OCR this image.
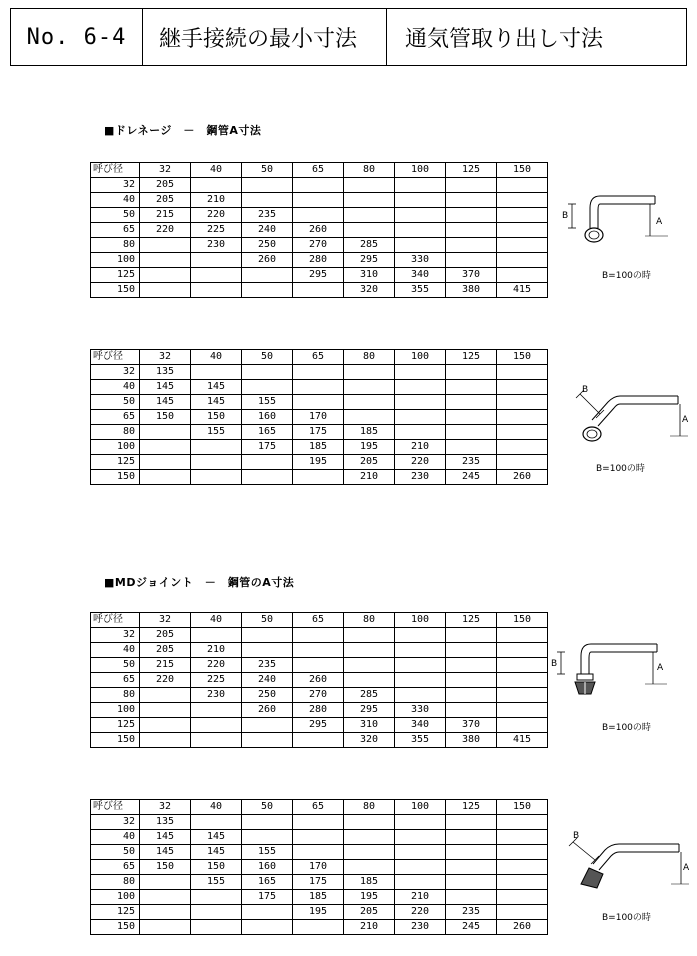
No. 6-4	継手接続の最小寸法	通気管取り出し寸法
■ドレネージ　－　鋼管A寸法
■MDジョイント　－　鋼管のA寸法
呼び径	32	40	50	65	80	100	125	150
32	205							
40	205	210						
50	215	220	235					
65	220	225	240	260				
80		230	250	270	285			
100			260	280	295	330		
125				295	310	340	370	
150					320	355	380	415
呼び径	32	40	50	65	80	100	125	150
32	135							
40	145	145						
50	145	145	155					
65	150	150	160	170				
80		155	165	175	185			
100			175	185	195	210		
125				195	205	220	235	
150					210	230	245	260
呼び径	32	40	50	65	80	100	125	150
32	205							
40	205	210						
50	215	220	235					
65	220	225	240	260				
80		230	250	270	285			
100			260	280	295	330		
125				295	310	340	370	
150					320	355	380	415
呼び径	32	40	50	65	80	100	125	150
32	135							
40	145	145						
50	145	145	155					
65	150	150	160	170				
80		155	165	175	185			
100			175	185	195	210		
125				195	205	220	235	
150					210	230	245	260
B
A
B=100の時
B
A
B=100の時
B	A
B=100の時
B
A
B=100の時
